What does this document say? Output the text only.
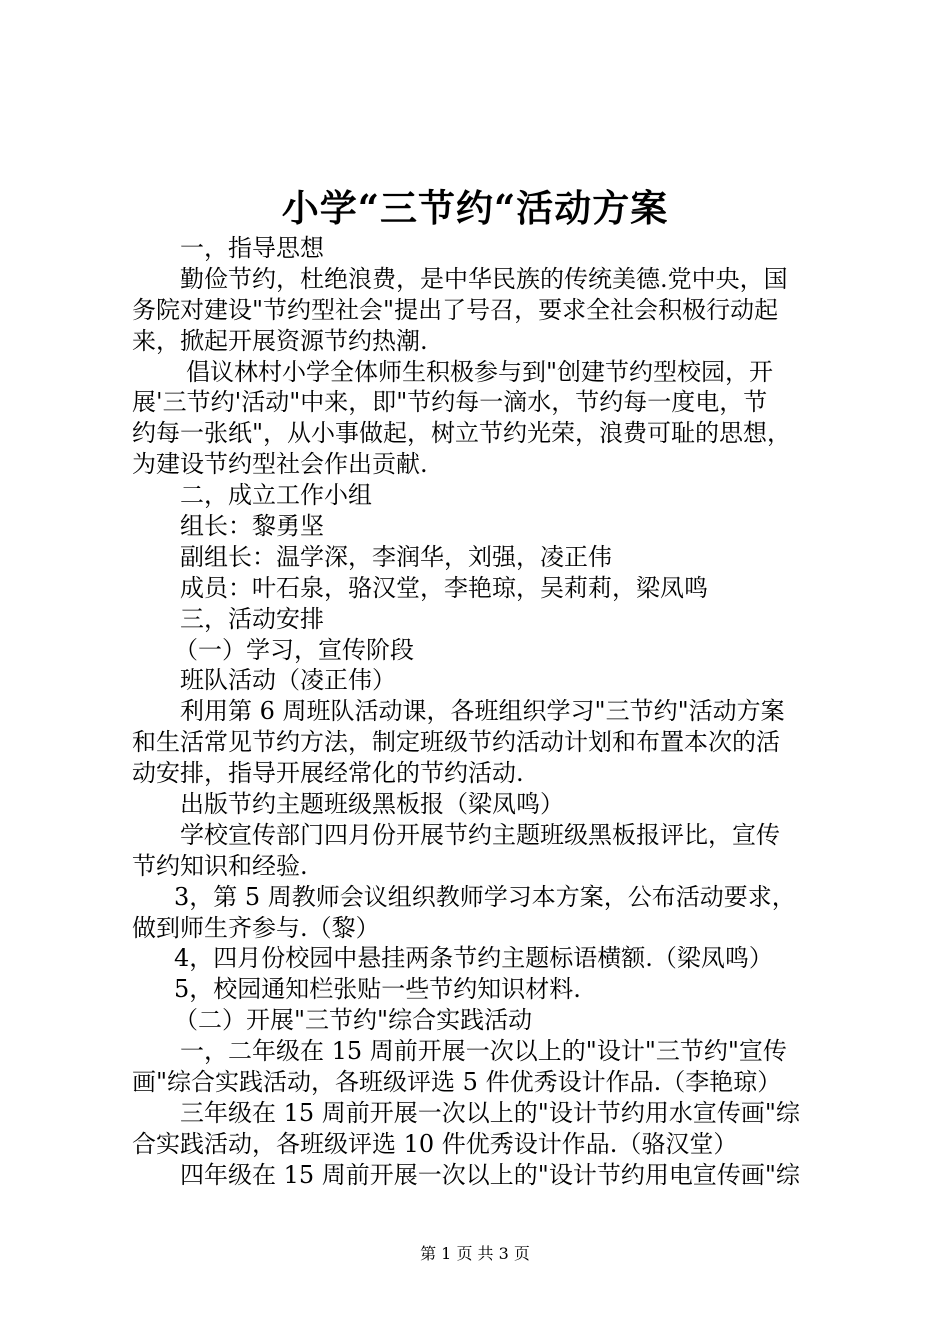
小学“三节约“活动方案
一，指导思想
勤俭节约，杜绝浪费，是中华民族的传统美德.党中央，国
务院对建设"节约型社会"提出了号召，要求全社会积极行动起
来，掀起开展资源节约热潮.
倡议林村小学全体师生积极参与到"创建节约型校园，开
展'三节约'活动"中来，即"节约每一滴水，节约每一度电，节
约每一张纸"，从小事做起，树立节约光荣，浪费可耻的思想，
为建设节约型社会作出贡献.
二，成立工作小组
组长：黎勇坚
副组长：温学深，李润华，刘强，凌正伟
成员：叶石泉，骆汉堂，李艳琼，吴莉莉，梁凤鸣
三，活动安排
（一）学习，宣传阶段
班队活动（凌正伟）
利用第 6 周班队活动课，各班组织学习"三节约"活动方案
和生活常见节约方法，制定班级节约活动计划和布置本次的活
动安排，指导开展经常化的节约活动.
出版节约主题班级黑板报（梁凤鸣）
学校宣传部门四月份开展节约主题班级黑板报评比，宣传
节约知识和经验.
3，第 5 周教师会议组织教师学习本方案，公布活动要求，
做到师生齐参与.（黎）
4，四月份校园中悬挂两条节约主题标语横额.（梁凤鸣）
5，校园通知栏张贴一些节约知识材料.
（二）开展"三节约"综合实践活动
一，二年级在 15 周前开展一次以上的"设计"三节约"宣传
画"综合实践活动，各班级评选 5 件优秀设计作品.（李艳琼）
三年级在 15 周前开展一次以上的"设计节约用水宣传画"综
合实践活动，各班级评选 10 件优秀设计作品.（骆汉堂）
四年级在 15 周前开展一次以上的"设计节约用电宣传画"综
第 1 页 共 3 页
